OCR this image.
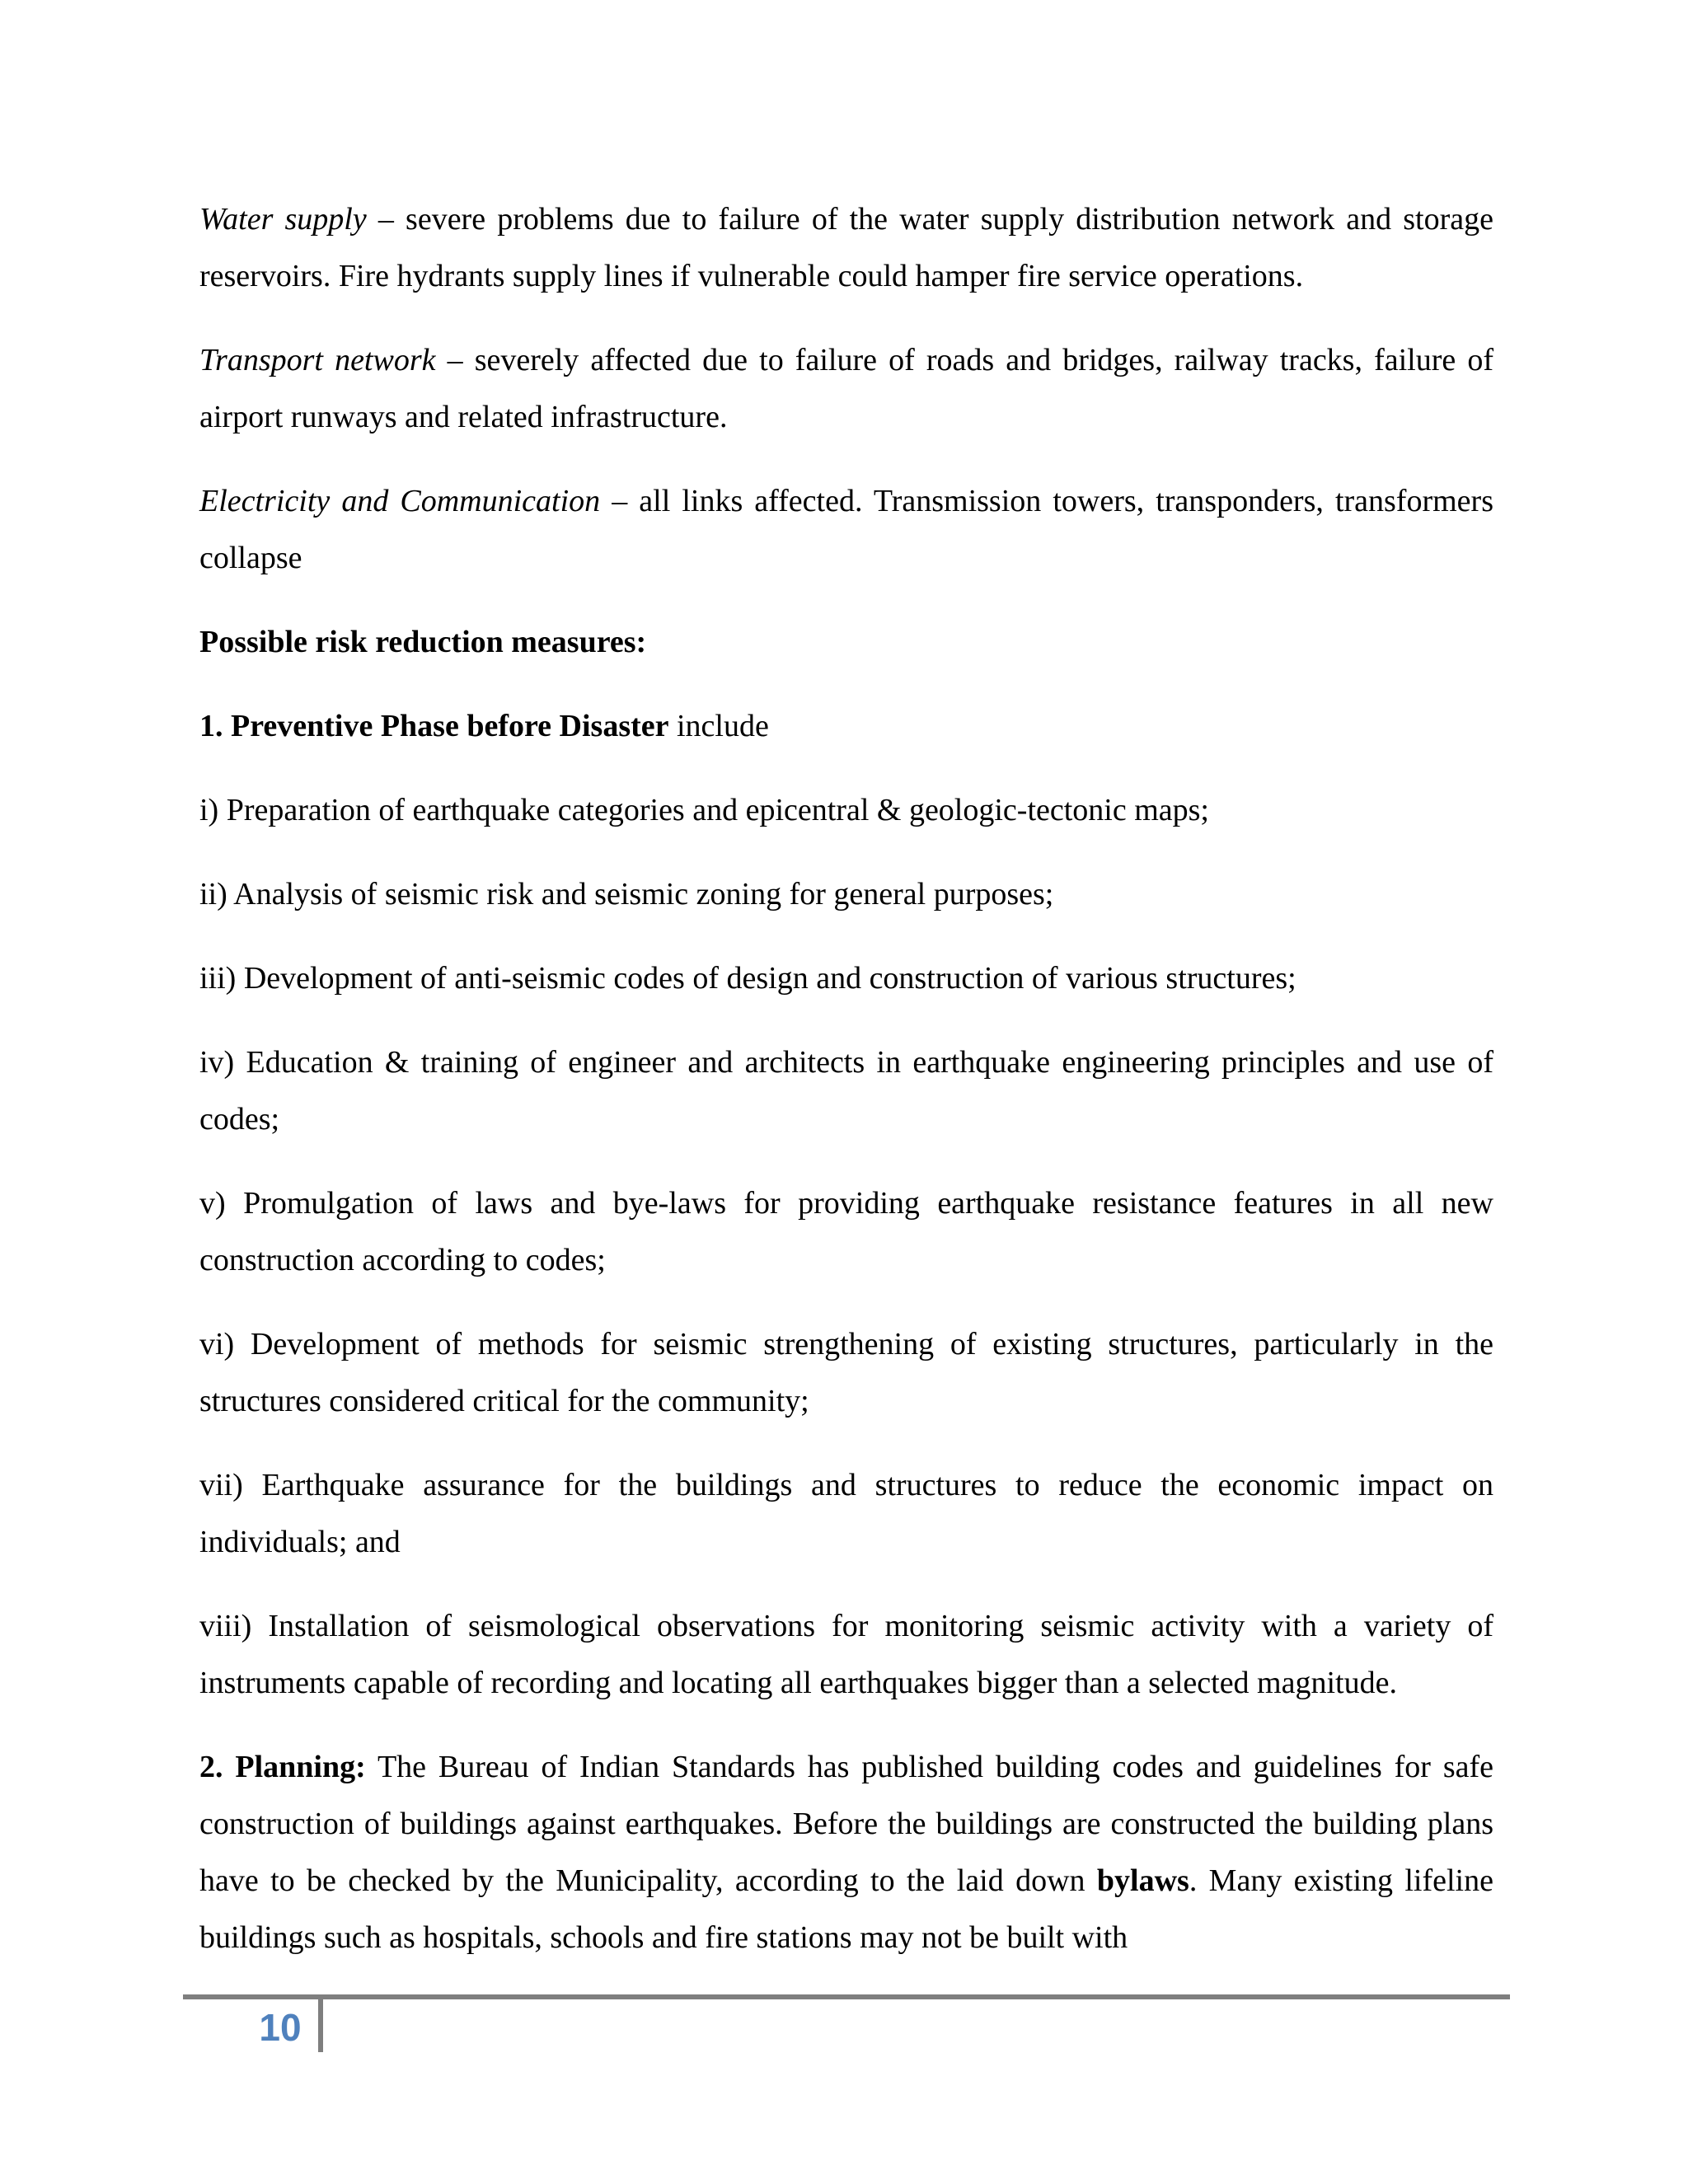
Water supply – severe problems due to failure of the water supply distribution network and storage reservoirs. Fire hydrants supply lines if vulnerable could hamper fire service operations.

Transport network – severely affected due to failure of roads and bridges, railway tracks, failure of airport runways and related infrastructure.

Electricity and Communication – all links affected. Transmission towers, transponders, transformers collapse

Possible risk reduction measures:

1. Preventive Phase before Disaster include

i) Preparation of earthquake categories and epicentral & geologic-tectonic maps;

ii) Analysis of seismic risk and seismic zoning for general purposes;

iii) Development of anti-seismic codes of design and construction of various structures;

iv) Education & training of engineer and architects in earthquake engineering principles and use of codes;

v) Promulgation of laws and bye-laws for providing earthquake resistance features in all new construction according to codes;

vi) Development of methods for seismic strengthening of existing structures, particularly in the structures considered critical for the community;

vii) Earthquake assurance for the buildings and structures to reduce the economic impact on individuals; and

viii) Installation of seismological observations for monitoring seismic activity with a variety of instruments capable of recording and locating all earthquakes bigger than a selected magnitude.

2. Planning: The Bureau of Indian Standards has published building codes and guidelines for safe construction of buildings against earthquakes. Before the buildings are constructed the building plans have to be checked by the Municipality, according to the laid down bylaws. Many existing lifeline buildings such as hospitals, schools and fire stations may not be built with

10
